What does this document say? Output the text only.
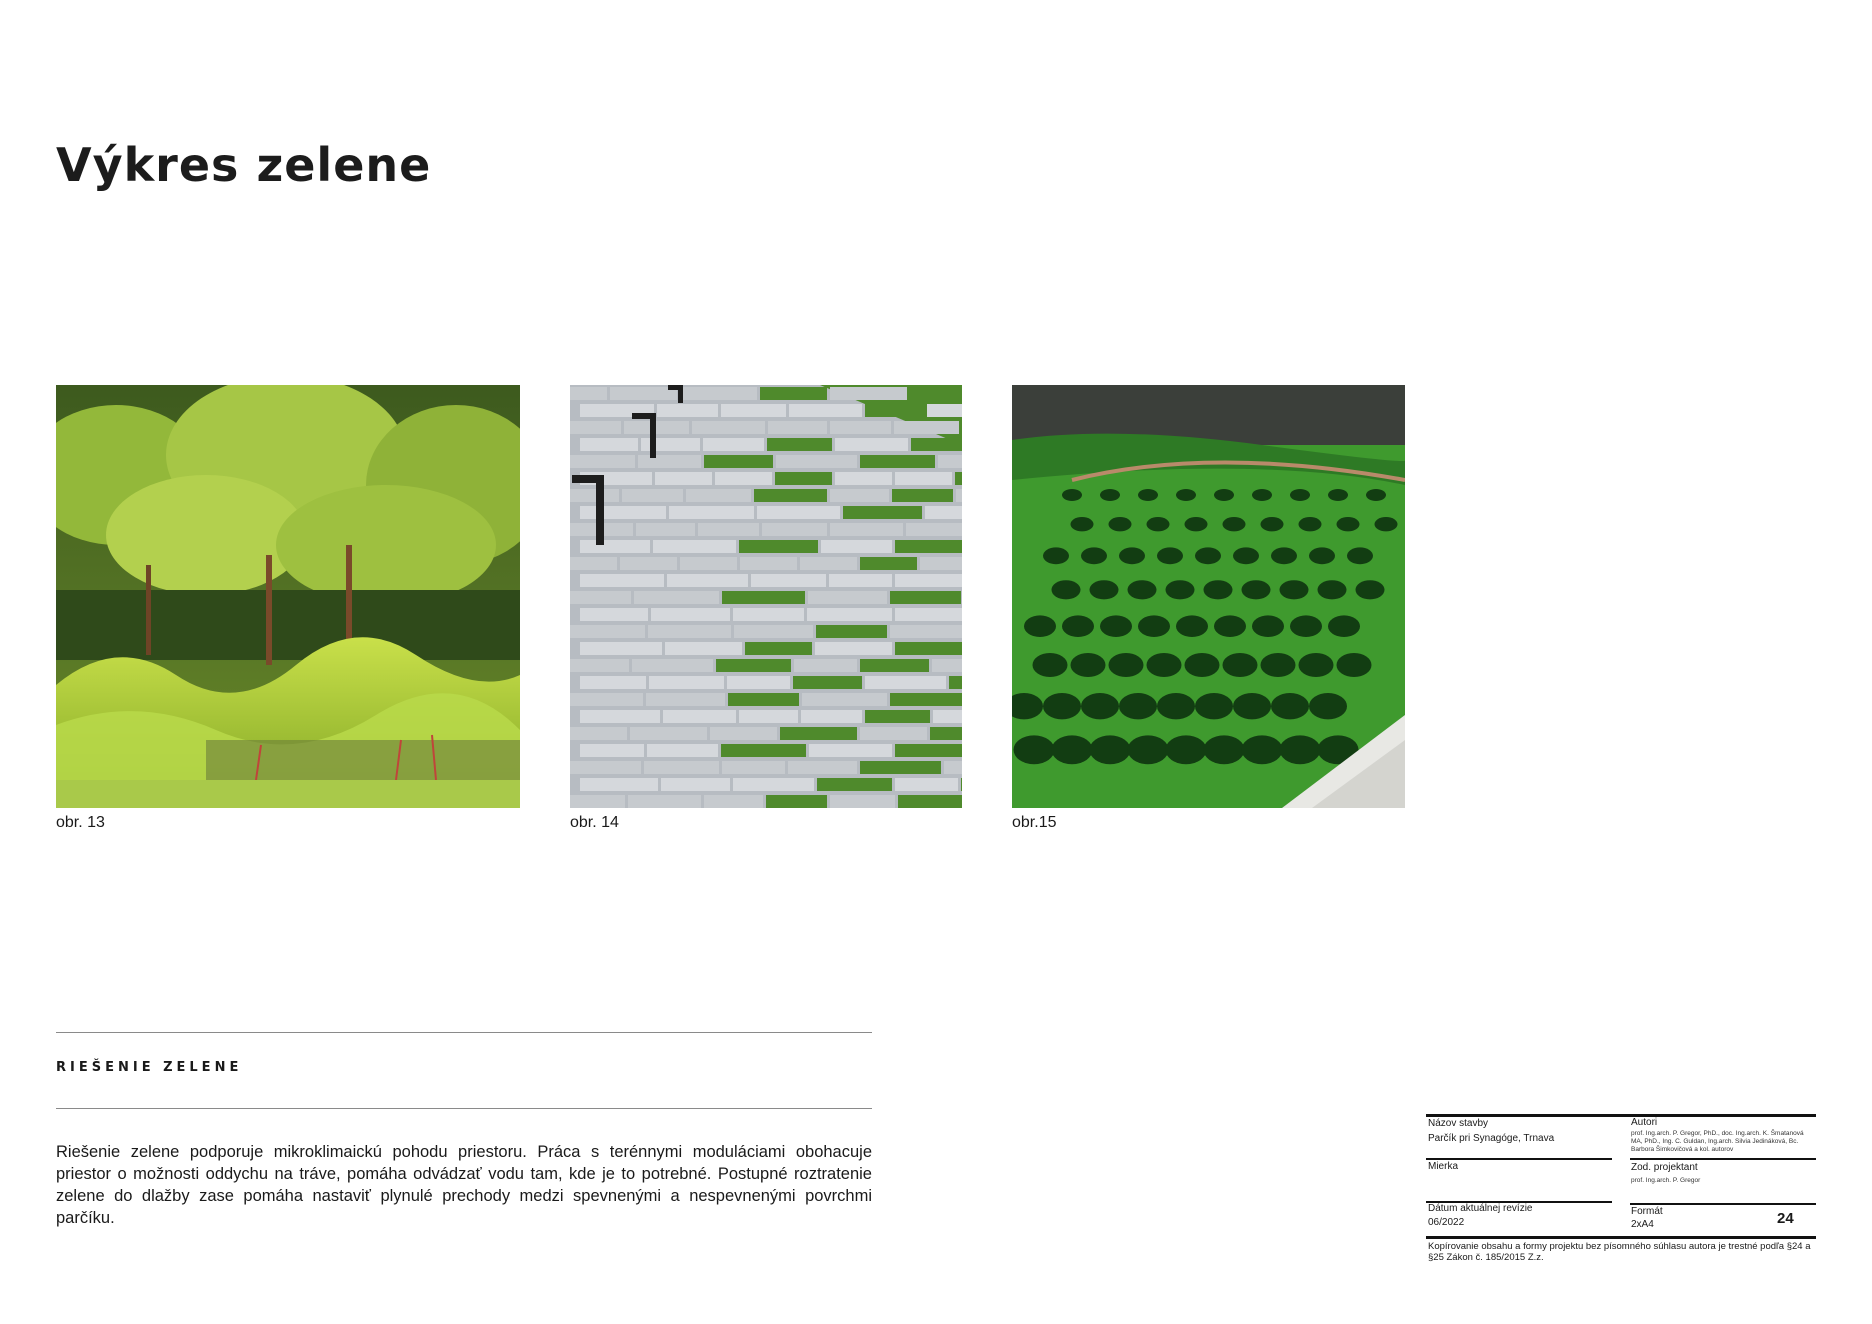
Výkres zelene
obr. 13	obr. 14	obr.15
RIEŠENIE ZELENE

Riešenie zelene podporuje mikroklimaickú pohodu priestoru. Práca s terénnymi moduláciami obohacuje priestor o možnosti oddychu na tráve, pomáha odvádzať vodu tam, kde je to potrebné. Postupné roztratenie zelene do dlažby zase pomáha nastaviť plynulé prechody medzi spevnenými a nespevnenými povrchmi parčíku.

Názov stavby
Parčík pri Synagóge, Trnava
Autori
prof. Ing.arch. P. Gregor, PhD., doc. Ing.arch. K. Šmatanová MA, PhD., Ing. C. Guldan, Ing.arch. Silvia Jedináková, Bc. Barbora Šimkovičová a kol. autorov
Mierka	Zod. projektant
prof. Ing.arch. P. Gregor
Dátum aktuálnej revízie
06/2022
Formát
2xA4	24
Kopírovanie obsahu a formy projektu bez písomného súhlasu autora je trestné podľa §24 a §25 Zákon č. 185/2015 Z.z.
